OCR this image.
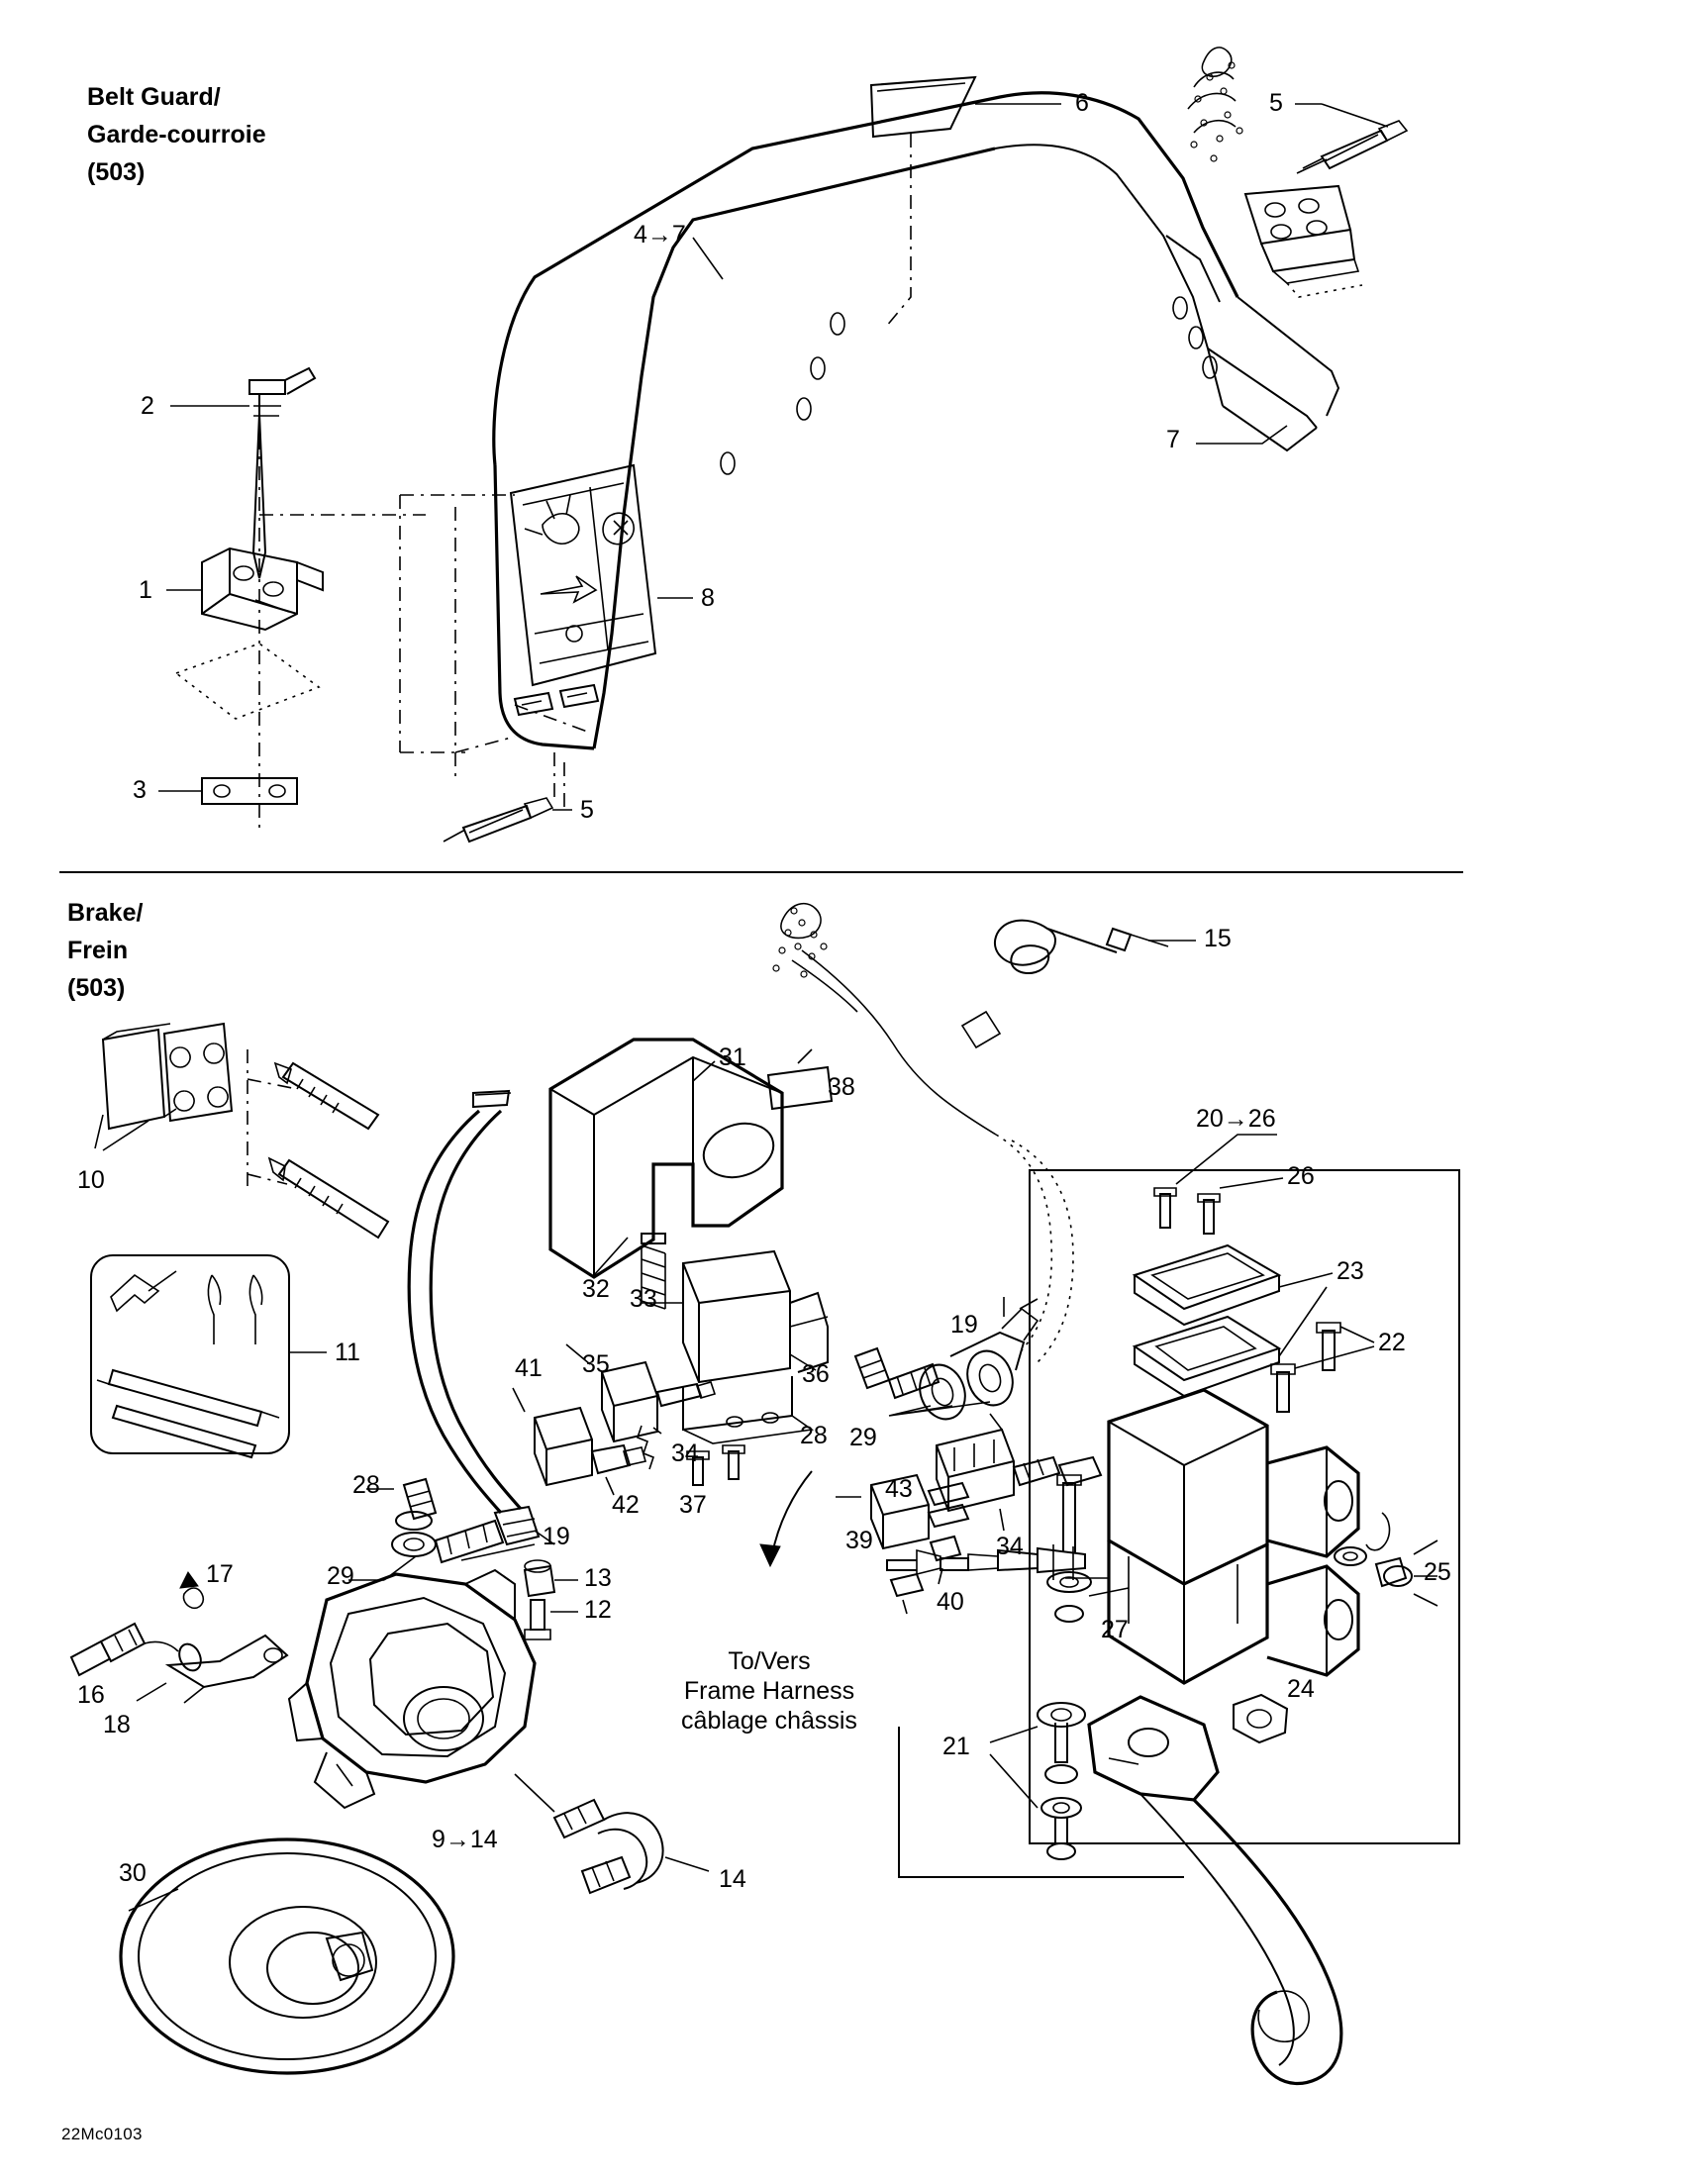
Belt Guard/
Garde-courroie
(503)
Brake/
Frein
(503)
6	5
4→7
7
2
1	8
3
5
15
31
38
20→26
26
23
22
10
32 33
19
35	36
41
28 29
11
34
42 37
43
39	34
40
25
28
19
29
17	13
12
16
18
27
24
21
14
9→14
30
To/Vers
Frame Harness
câblage châssis
22Mc0103
